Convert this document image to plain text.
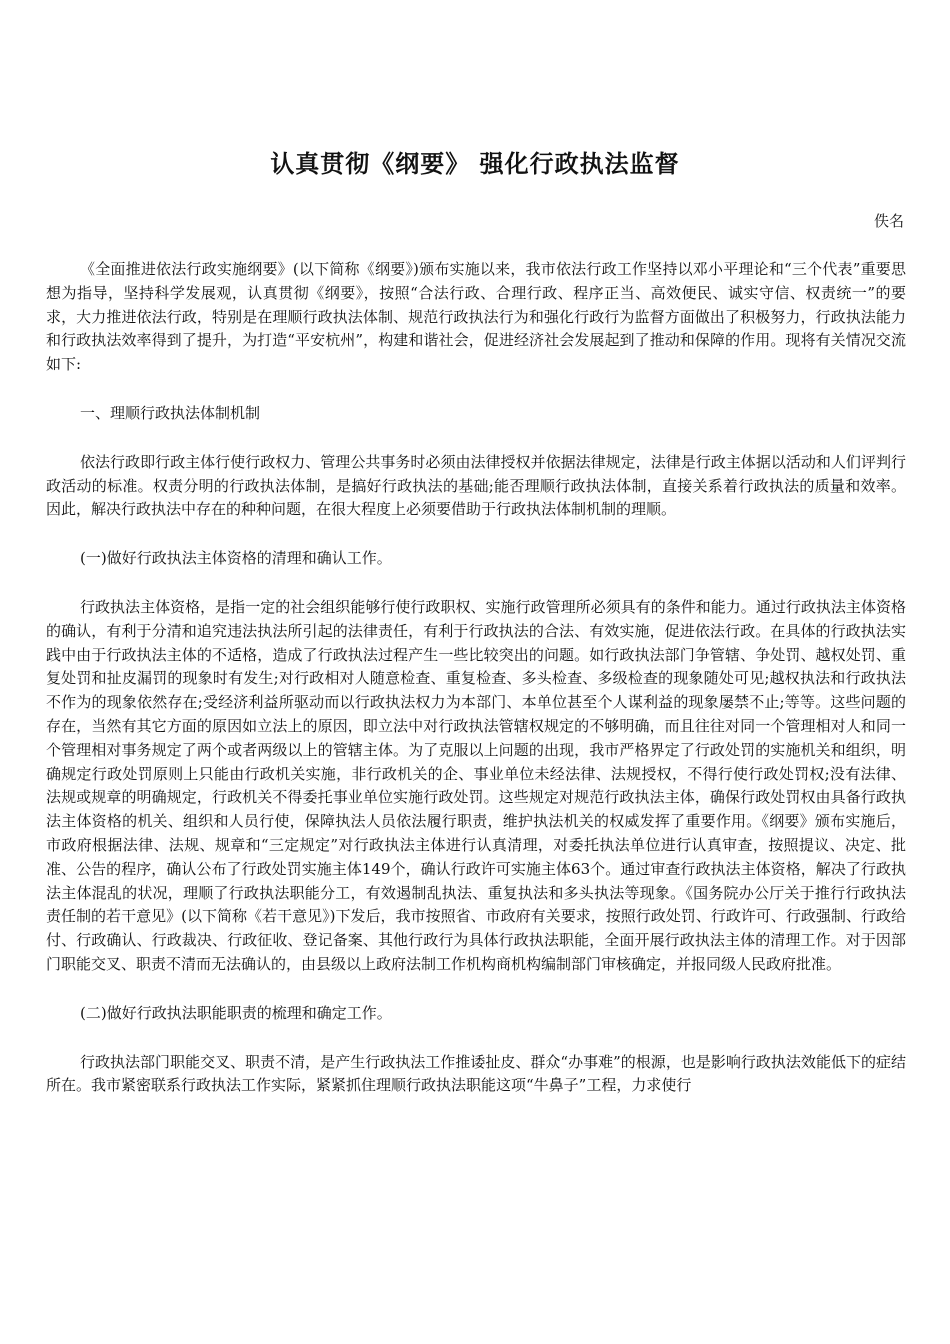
认真贯彻《纲要》 强化行政执法监督

佚名

《全面推进依法行政实施纲要》(以下简称《纲要》)颁布实施以来，我市依法行政工作坚持以邓小平理论和“三个代表”重要思想为指导，坚持科学发展观，认真贯彻《纲要》，按照“合法行政、合理行政、程序正当、高效便民、诚实守信、权责统一”的要求，大力推进依法行政，特别是在理顺行政执法体制、规范行政执法行为和强化行政行为监督方面做出了积极努力，行政执法能力和行政执法效率得到了提升，为打造“平安杭州”，构建和谐社会，促进经济社会发展起到了推动和保障的作用。现将有关情况交流如下:

一、理顺行政执法体制机制

依法行政即行政主体行使行政权力、管理公共事务时必须由法律授权并依据法律规定，法律是行政主体据以活动和人们评判行政活动的标准。权责分明的行政执法体制，是搞好行政执法的基础;能否理顺行政执法体制，直接关系着行政执法的质量和效率。因此，解决行政执法中存在的种种问题，在很大程度上必须要借助于行政执法体制机制的理顺。

(一)做好行政执法主体资格的清理和确认工作。

行政执法主体资格，是指一定的社会组织能够行使行政职权、实施行政管理所必须具有的条件和能力。通过行政执法主体资格的确认，有利于分清和追究违法执法所引起的法律责任，有利于行政执法的合法、有效实施，促进依法行政。在具体的行政执法实践中由于行政执法主体的不适格，造成了行政执法过程产生一些比较突出的问题。如行政执法部门争管辖、争处罚、越权处罚、重复处罚和扯皮漏罚的现象时有发生;对行政相对人随意检查、重复检查、多头检查、多级检查的现象随处可见;越权执法和行政执法不作为的现象依然存在;受经济利益所驱动而以行政执法权力为本部门、本单位甚至个人谋利益的现象屡禁不止;等等。这些问题的存在，当然有其它方面的原因如立法上的原因，即立法中对行政执法管辖权规定的不够明确，而且往往对同一个管理相对人和同一个管理相对事务规定了两个或者两级以上的管辖主体。为了克服以上问题的出现，我市严格界定了行政处罚的实施机关和组织，明确规定行政处罚原则上只能由行政机关实施，非行政机关的企、事业单位未经法律、法规授权，不得行使行政处罚权;没有法律、法规或规章的明确规定，行政机关不得委托事业单位实施行政处罚。这些规定对规范行政执法主体，确保行政处罚权由具备行政执法主体资格的机关、组织和人员行使，保障执法人员依法履行职责，维护执法机关的权威发挥了重要作用。《纲要》颁布实施后，市政府根据法律、法规、规章和“三定规定”对行政执法主体进行认真清理，对委托执法单位进行认真审查，按照提议、决定、批准、公告的程序，确认公布了行政处罚实施主体149个，确认行政许可实施主体63个。通过审查行政执法主体资格，解决了行政执法主体混乱的状况，理顺了行政执法职能分工，有效遏制乱执法、重复执法和多头执法等现象。《国务院办公厅关于推行行政执法责任制的若干意见》(以下简称《若干意见》)下发后，我市按照省、市政府有关要求，按照行政处罚、行政许可、行政强制、行政给付、行政确认、行政裁决、行政征收、登记备案、其他行政行为具体行政执法职能，全面开展行政执法主体的清理工作。对于因部门职能交叉、职责不清而无法确认的，由县级以上政府法制工作机构商机构编制部门审核确定，并报同级人民政府批准。

(二)做好行政执法职能职责的梳理和确定工作。

行政执法部门职能交叉、职责不清，是产生行政执法工作推诿扯皮、群众“办事难”的根源，也是影响行政执法效能低下的症结所在。我市紧密联系行政执法工作实际，紧紧抓住理顺行政执法职能这项“牛鼻子”工程，力求使行
